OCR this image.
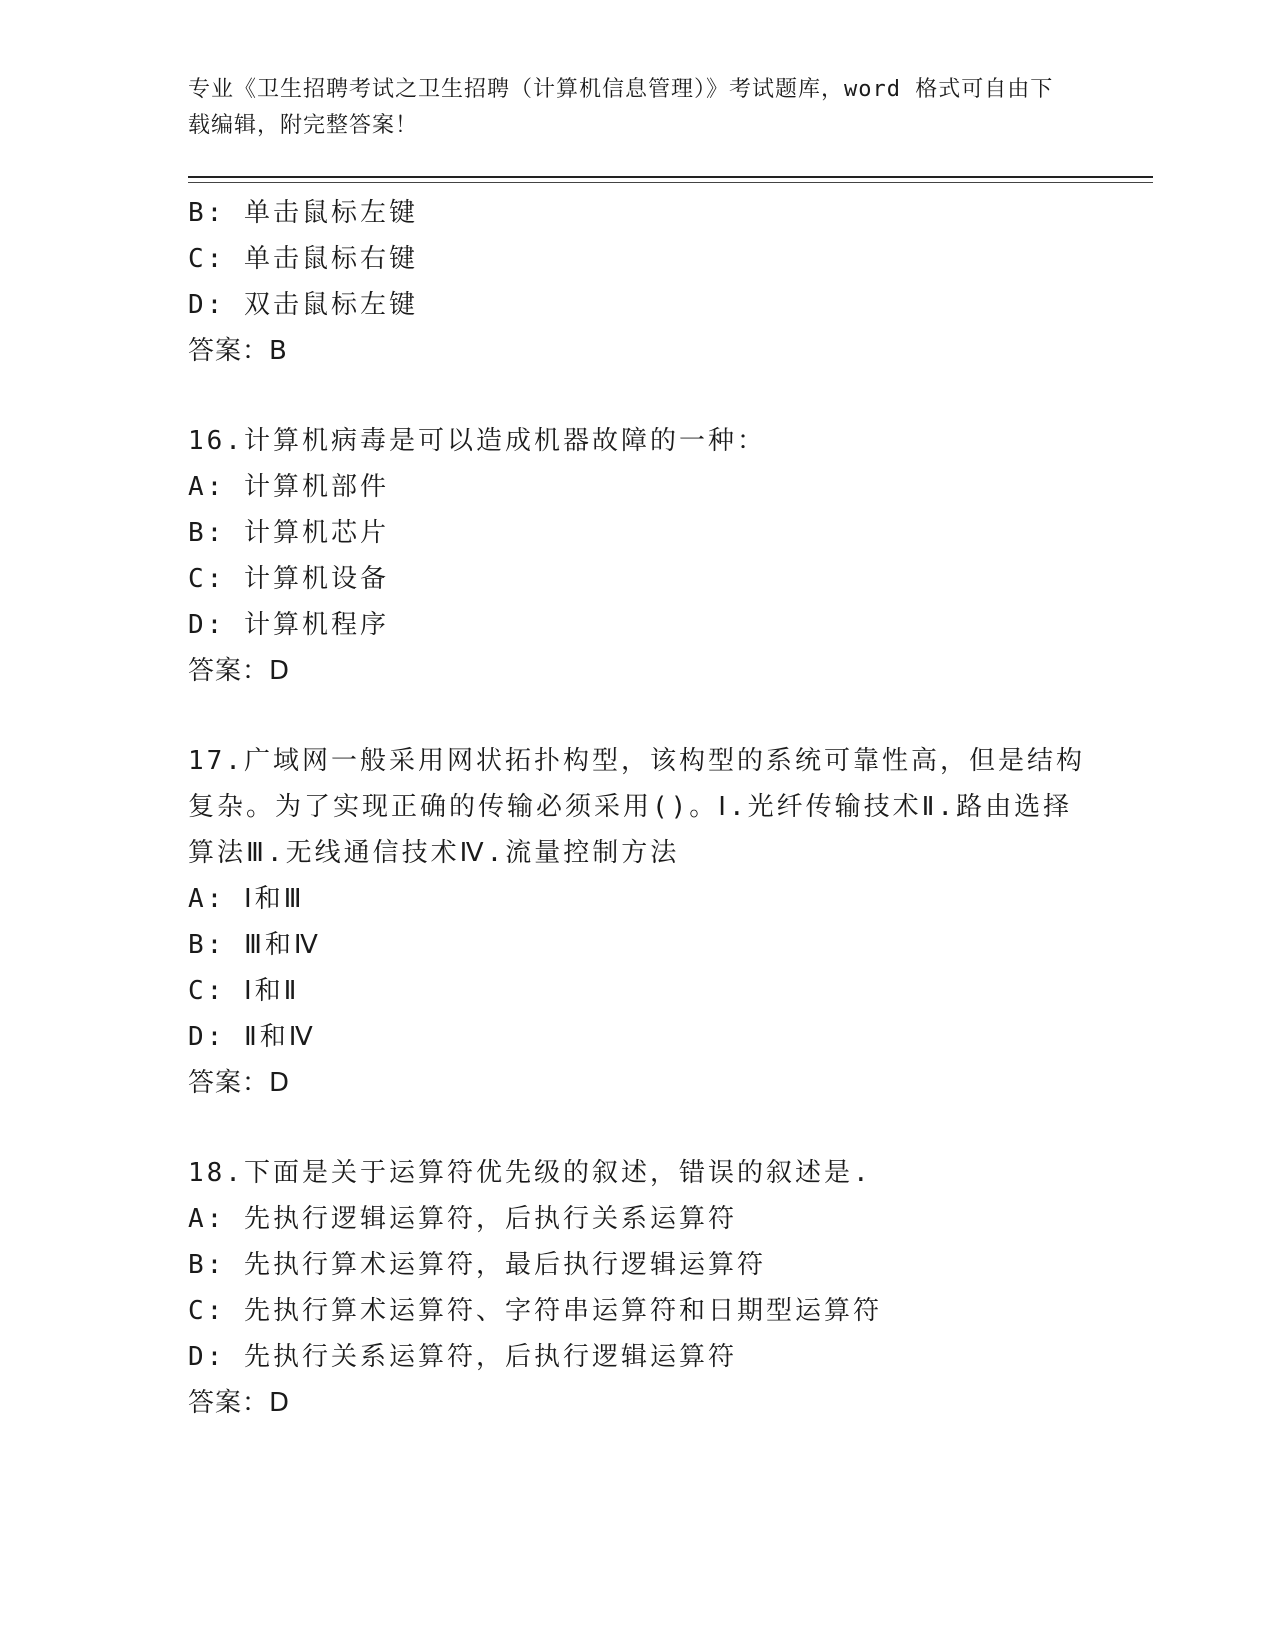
专业《卫生招聘考试之卫生招聘（计算机信息管理）》考试题库，word 格式可自由下载编辑，附完整答案！
B: 单击鼠标左键
C: 单击鼠标右键
D: 双击鼠标左键
答案：B
16.计算机病毒是可以造成机器故障的一种：
A: 计算机部件
B: 计算机芯片
C: 计算机设备
D: 计算机程序
答案：D
17.广域网一般采用网状拓扑构型，该构型的系统可靠性高，但是结构复杂。为了实现正确的传输必须采用()。Ⅰ.光纤传输技术Ⅱ.路由选择算法Ⅲ.无线通信技术Ⅳ.流量控制方法
A: Ⅰ和Ⅲ
B: Ⅲ和Ⅳ
C: Ⅰ和Ⅱ
D: Ⅱ和Ⅳ
答案：D
18.下面是关于运算符优先级的叙述，错误的叙述是.
A: 先执行逻辑运算符，后执行关系运算符
B: 先执行算术运算符，最后执行逻辑运算符
C: 先执行算术运算符、字符串运算符和日期型运算符
D: 先执行关系运算符，后执行逻辑运算符
答案：D
